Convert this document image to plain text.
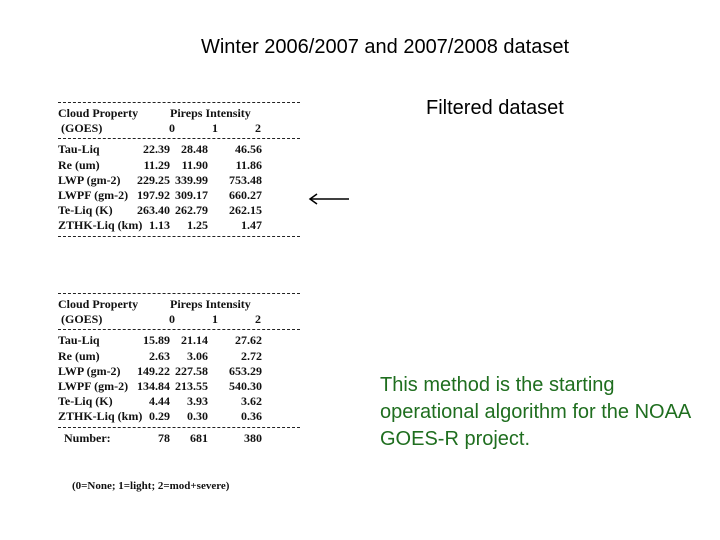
Winter 2006/2007 and 2007/2008 dataset
Filtered dataset
Cloud Property	Pireps Intensity
(GOES)	0	1	2
Tau-Liq	22.39 28.48 46.56
Re (um)	11.29 11.90 11.86
LWP (gm-2) 229.25 339.99 753.48
LWPF (gm-2) 197.92 309.17 660.27
Te-Liq (K) 263.40 262.79 262.15
ZTHK-Liq (km) 1.13 1.25	1.47
Cloud Property	Pireps Intensity
(GOES)	0	1	2
Tau-Liq	15.89 21.14 27.62
Re (um)	2.63 3.06	2.72
LWP (gm-2) 149.22 227.58 653.29
LWPF (gm-2) 134.84 213.55 540.30
Te-Liq (K)	4.44 3.93	3.62
ZTHK-Liq (km) 0.29 0.30	0.36
Number:	78 681	380
(0=None; 1=light; 2=mod+severe)
This method is the starting operational algorithm for the NOAA GOES-R project.
